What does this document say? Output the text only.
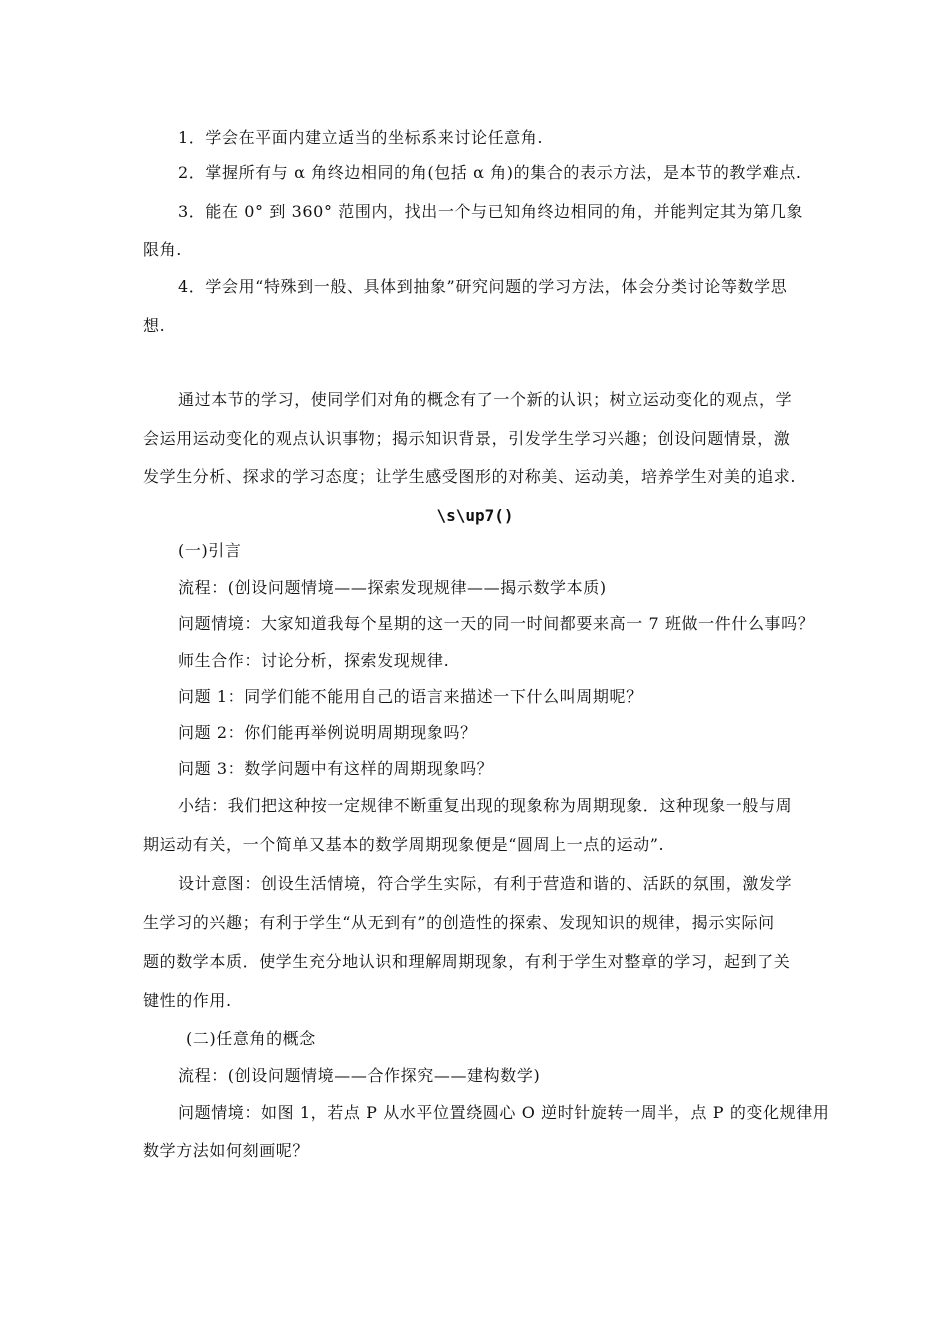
1．学会在平面内建立适当的坐标系来讨论任意角.
2．掌握所有与 α 角终边相同的角(包括 α 角)的集合的表示方法，是本节的教学难点.
3．能在 0° 到 360° 范围内，找出一个与已知角终边相同的角，并能判定其为第几象
限角.
4．学会用“特殊到一般、具体到抽象”研究问题的学习方法，体会分类讨论等数学思
想.
通过本节的学习，使同学们对角的概念有了一个新的认识；树立运动变化的观点，学
会运用运动变化的观点认识事物；揭示知识背景，引发学生学习兴趣；创设问题情景，激
发学生分析、探求的学习态度；让学生感受图形的对称美、运动美，培养学生对美的追求.
\s\up7()
(一)引言
流程：(创设问题情境——探索发现规律——揭示数学本质)
问题情境：大家知道我每个星期的这一天的同一时间都要来高一 7 班做一件什么事吗？
师生合作：讨论分析，探索发现规律.
问题 1：同学们能不能用自己的语言来描述一下什么叫周期呢？
问题 2：你们能再举例说明周期现象吗？
问题 3：数学问题中有这样的周期现象吗？
小结：我们把这种按一定规律不断重复出现的现象称为周期现象．这种现象一般与周
期运动有关，一个简单又基本的数学周期现象便是“圆周上一点的运动”.
设计意图：创设生活情境，符合学生实际，有利于营造和谐的、活跃的氛围，激发学
生学习的兴趣；有利于学生“从无到有”的创造性的探索、发现知识的规律，揭示实际问
题的数学本质．使学生充分地认识和理解周期现象，有利于学生对整章的学习，起到了关
键性的作用.
(二)任意角的概念
流程：(创设问题情境——合作探究——建构数学)
问题情境：如图 1，若点 P 从水平位置绕圆心 O 逆时针旋转一周半，点 P 的变化规律用
数学方法如何刻画呢？
